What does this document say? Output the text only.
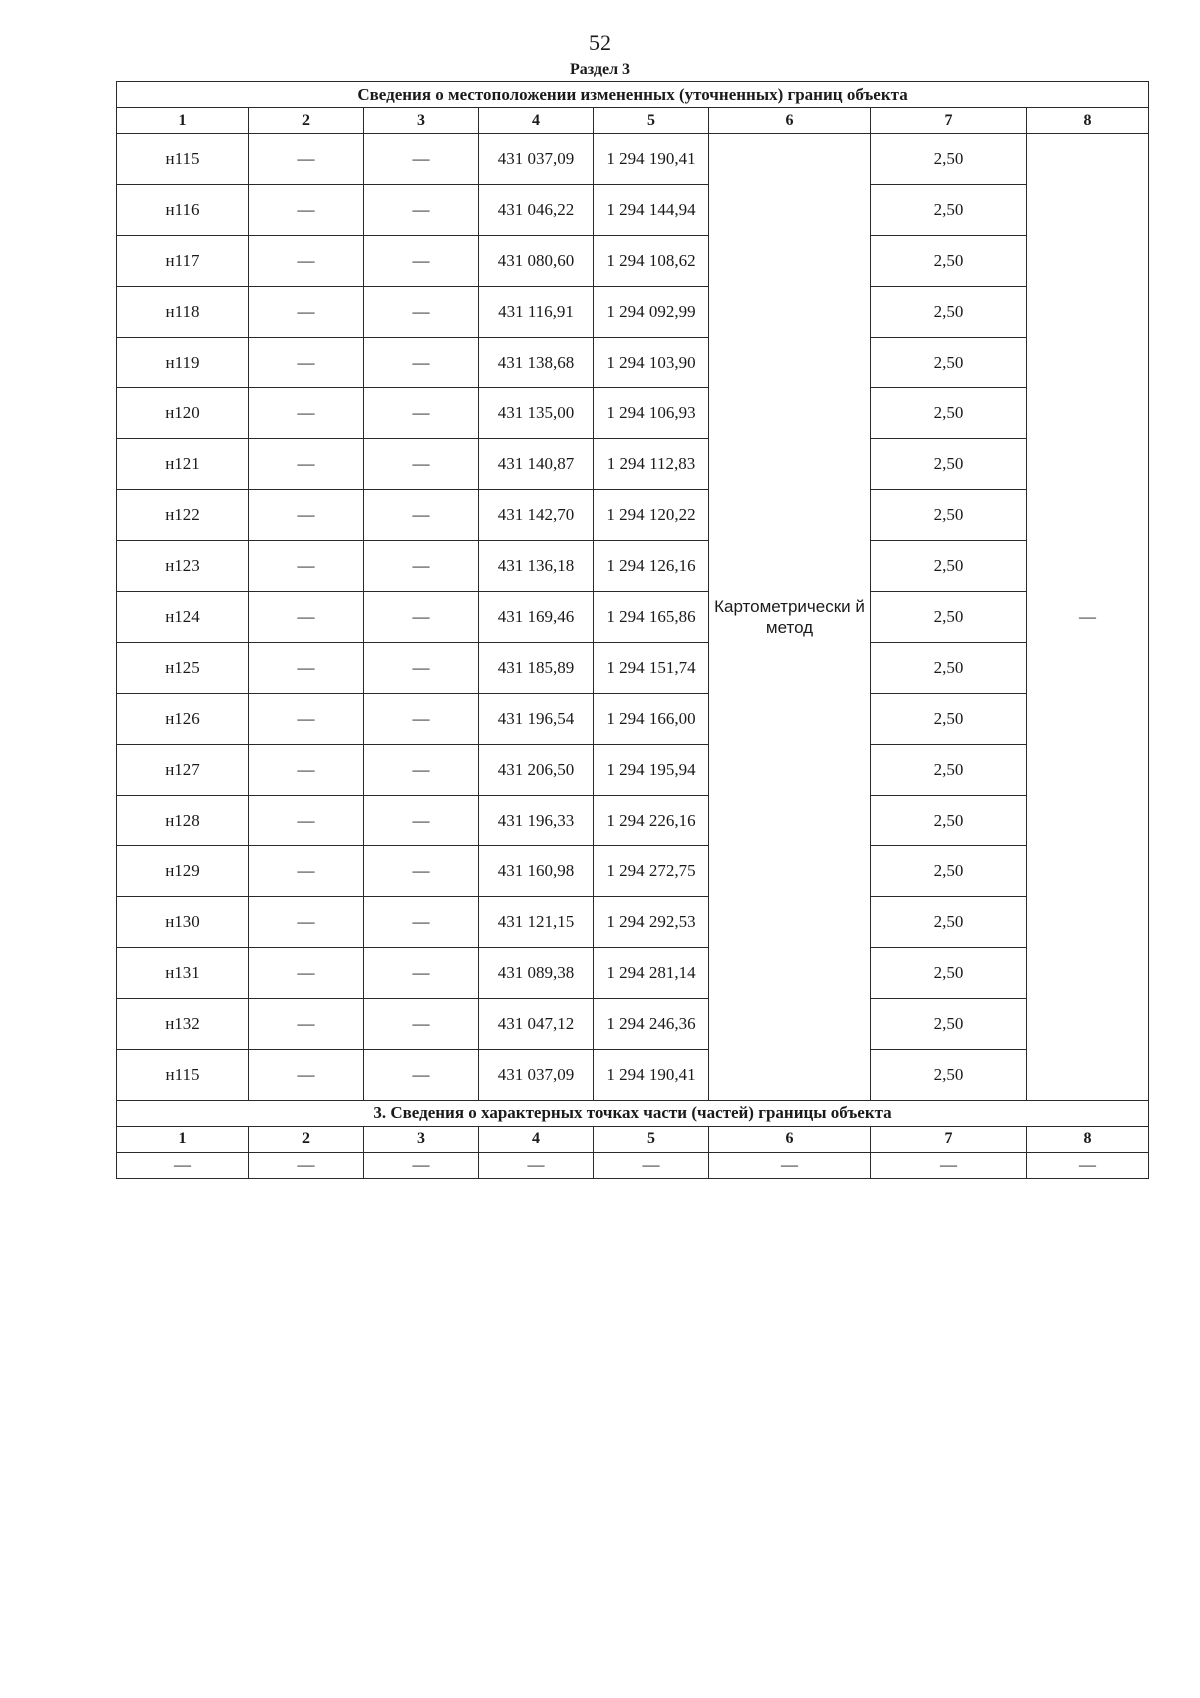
52
Раздел 3
Сведения о местоположении измененных (уточненных) границ объекта							
1	2	3	4	5	6	7	8
н115	—	—	431 037,09	1 294 190,41	Картометрически й метод	2,50	—
н116	—	—	431 046,22	1 294 144,94		2,50	
н117	—	—	431 080,60	1 294 108,62		2,50	
н118	—	—	431 116,91	1 294 092,99		2,50	
н119	—	—	431 138,68	1 294 103,90		2,50	
н120	—	—	431 135,00	1 294 106,93		2,50	
н121	—	—	431 140,87	1 294 112,83		2,50	
н122	—	—	431 142,70	1 294 120,22		2,50	
н123	—	—	431 136,18	1 294 126,16		2,50	
н124	—	—	431 169,46	1 294 165,86		2,50	
н125	—	—	431 185,89	1 294 151,74		2,50	
н126	—	—	431 196,54	1 294 166,00		2,50	
н127	—	—	431 206,50	1 294 195,94		2,50	
н128	—	—	431 196,33	1 294 226,16		2,50	
н129	—	—	431 160,98	1 294 272,75		2,50	
н130	—	—	431 121,15	1 294 292,53		2,50	
н131	—	—	431 089,38	1 294 281,14		2,50	
н132	—	—	431 047,12	1 294 246,36		2,50	
н115	—	—	431 037,09	1 294 190,41		2,50	
3. Сведения о характерных точках части (частей) границы объекта							
1	2	3	4	5	6	7	8
—	—	—	—	—	—	—	—
